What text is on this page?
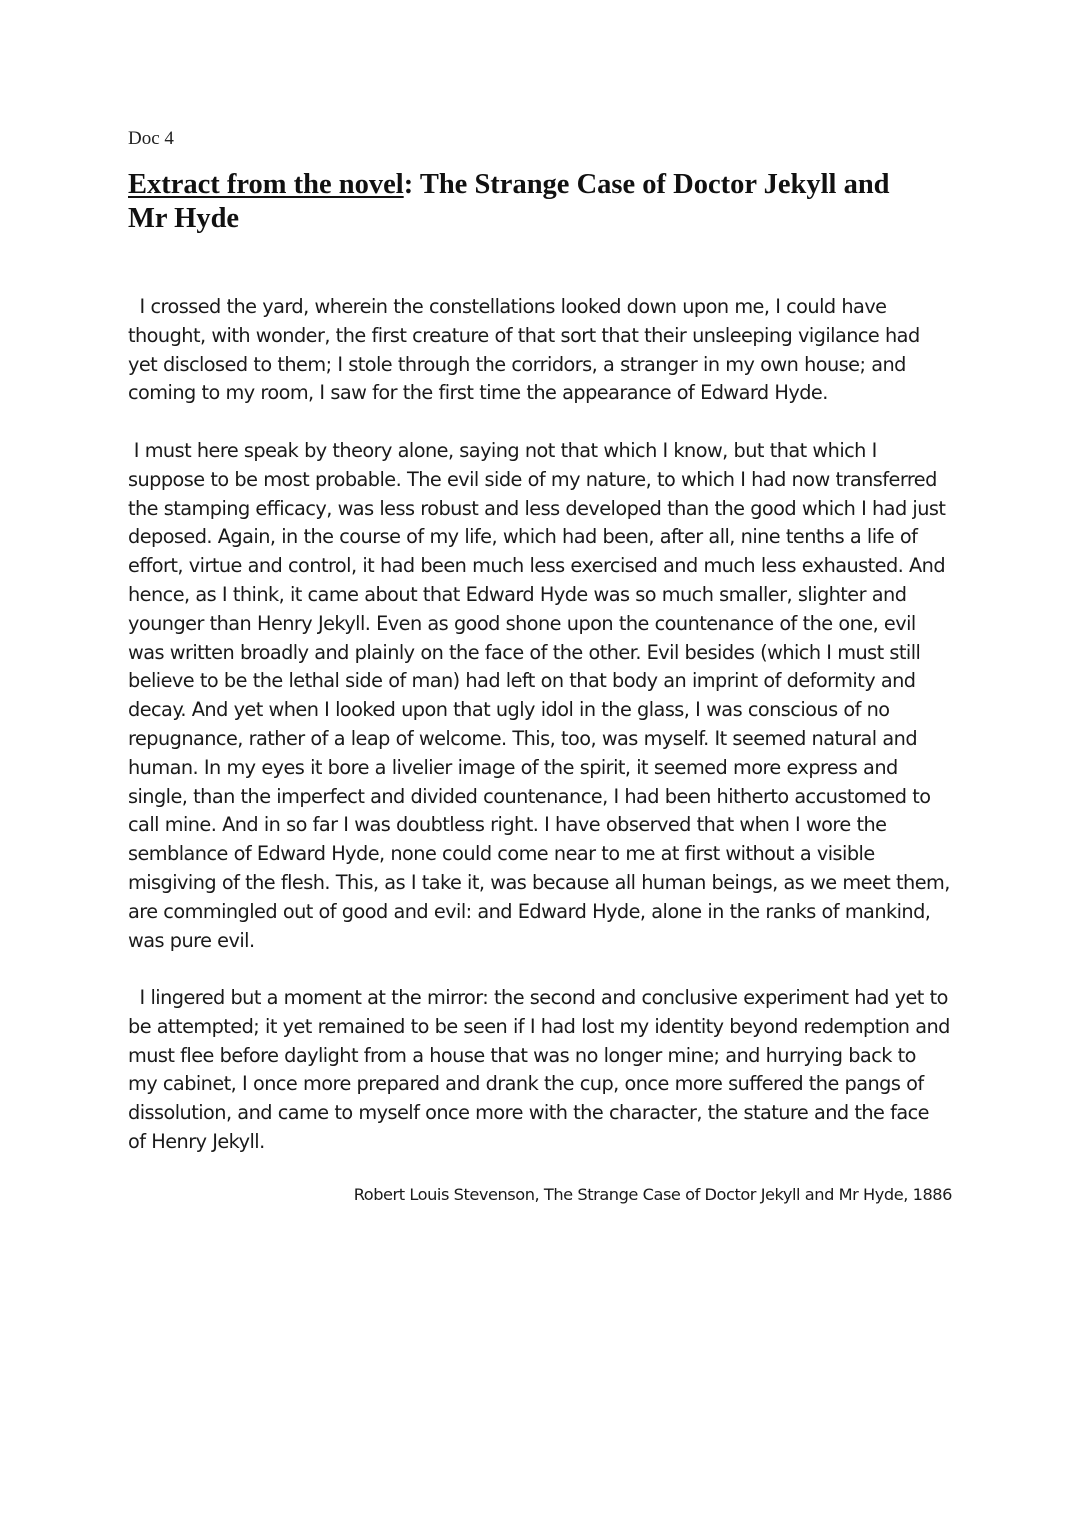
Doc 4
Extract from the novel: The Strange Case of Doctor Jekyll and Mr Hyde

I crossed the yard, wherein the constellations looked down upon me, I could have thought, with wonder, the first creature of that sort that their unsleeping vigilance had yet disclosed to them; I stole through the corridors, a stranger in my own house; and coming to my room, I saw for the first time the appearance of Edward Hyde.

I must here speak by theory alone, saying not that which I know, but that which I suppose to be most probable. The evil side of my nature, to which I had now transferred the stamping efficacy, was less robust and less developed than the good which I had just deposed. Again, in the course of my life, which had been, after all, nine tenths a life of effort, virtue and control, it had been much less exercised and much less exhausted. And hence, as I think, it came about that Edward Hyde was so much smaller, slighter and younger than Henry Jekyll. Even as good shone upon the countenance of the one, evil was written broadly and plainly on the face of the other. Evil besides (which I must still believe to be the lethal side of man) had left on that body an imprint of deformity and decay. And yet when I looked upon that ugly idol in the glass, I was conscious of no repugnance, rather of a leap of welcome. This, too, was myself. It seemed natural and human. In my eyes it bore a livelier image of the spirit, it seemed more express and single, than the imperfect and divided countenance, I had been hitherto accustomed to call mine. And in so far I was doubtless right. I have observed that when I wore the semblance of Edward Hyde, none could come near to me at first without a visible misgiving of the flesh. This, as I take it, was because all human beings, as we meet them, are commingled out of good and evil: and Edward Hyde, alone in the ranks of mankind, was pure evil.

I lingered but a moment at the mirror: the second and conclusive experiment had yet to be attempted; it yet remained to be seen if I had lost my identity beyond redemption and must flee before daylight from a house that was no longer mine; and hurrying back to my cabinet, I once more prepared and drank the cup, once more suffered the pangs of dissolution, and came to myself once more with the character, the stature and the face of Henry Jekyll.

Robert Louis Stevenson, The Strange Case of Doctor Jekyll and Mr Hyde, 1886
